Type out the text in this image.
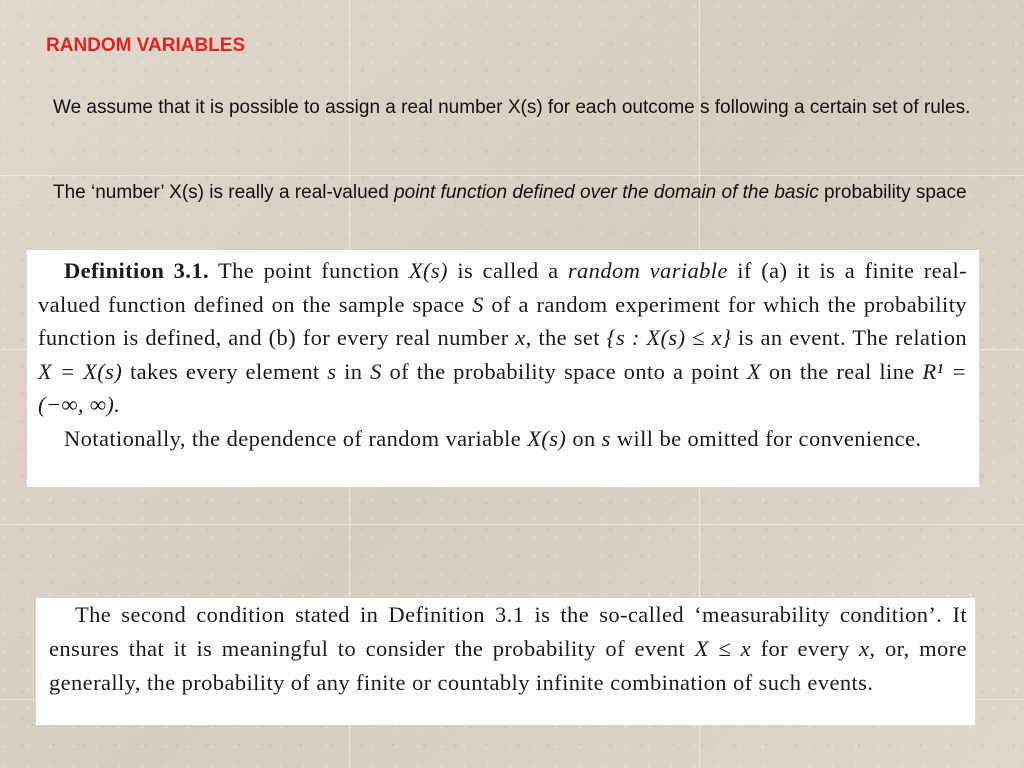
RANDOM VARIABLES
We assume that it is possible to assign a real number X(s) for each outcome s following a certain set of rules.
The ‘number’ X(s) is really a real-valued point function defined over the domain of the basic probability space

Definition 3.1. The point function X(s) is called a random variable if (a) it is a finite real-valued function defined on the sample space S of a random experiment for which the probability function is defined, and (b) for every real number x, the set {s : X(s) ≤ x} is an event. The relation X = X(s) takes every element s in S of the probability space onto a point X on the real line R¹ = (−∞, ∞).

Notationally, the dependence of random variable X(s) on s will be omitted for convenience.

The second condition stated in Definition 3.1 is the so-called ‘measurability condition’. It ensures that it is meaningful to consider the probability of event X ≤ x for every x, or, more generally, the probability of any finite or countably infinite combination of such events.
